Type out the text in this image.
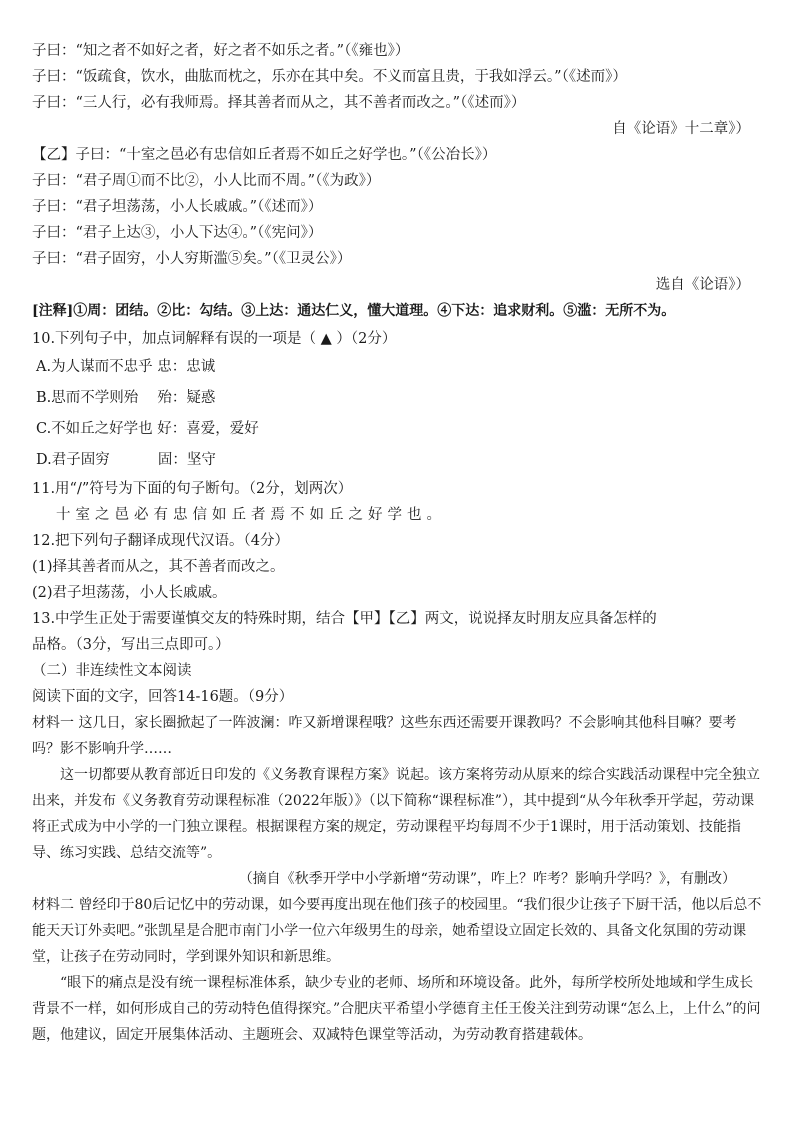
子曰：“知之者不如好之者，好之者不如乐之者。”（《雍也》）
子曰：“饭疏食，饮水，曲肱而枕之，乐亦在其中矣。不义而富且贵，于我如浮云。”（《述而》）
子曰：“三人行，必有我师焉。择其善者而从之，其不善者而改之。”（《述而》）
自《论语》十二章》）
【乙】子曰：“十室之邑必有忠信如丘者焉不如丘之好学也。”（《公冶长》）
子曰：“君子周①而不比②，小人比而不周。”（《为政》）
子曰：“君子坦荡荡，小人长戚戚。”（《述而》）
子曰：“君子上达③，小人下达④。”（《宪问》）
子曰：“君子固穷，小人穷斯滥⑤矣。”（《卫灵公》）
选自《论语》）
[注释]①周：团结。②比：勾结。③上达：通达仁义，懂大道理。④下达：追求财利。⑤滥：无所不为。
10.下列句子中，加点词解释有误的一项是（ ▲ ）（2分）
A.为人谋而不忠乎 忠：忠诚
B.思而不学则殆　 殆：疑惑
C.不如丘之好学也 好：喜爱，爱好
D.君子固穷　　　 固：坚守
11.用“/”符号为下面的句子断句。（2分，划两次）
十室之邑必有忠信如丘者焉不如丘之好学也。
12.把下列句子翻译成现代汉语。（4分）
(1)择其善者而从之，其不善者而改之。
(2)君子坦荡荡，小人长戚戚。
13.中学生正处于需要谨慎交友的特殊时期，结合【甲】【乙】两文，说说择友时朋友应具备怎样的
品格。（3分，写出三点即可。）
（二）非连续性文本阅读
阅读下面的文字，回答14-16题。（9分）

材料一 这几日，家长圈掀起了一阵波澜：咋又新增课程哦？这些东西还需要开课教吗？不会影响其他科目嘛？要考吗？影不影响升学……

这一切都要从教育部近日印发的《义务教育课程方案》说起。该方案将劳动从原来的综合实践活动课程中完全独立出来，并发布《义务教育劳动课程标准（2022年版）》（以下简称“课程标准”），其中提到“从今年秋季开学起，劳动课将正式成为中小学的一门独立课程。根据课程方案的规定，劳动课程平均每周不少于1课时，用于活动策划、技能指导、练习实践、总结交流等”。

（摘自《秋季开学中小学新增“劳动课”，咋上？咋考？影响升学吗？》，有删改）

材料二 曾经印于80后记忆中的劳动课，如今要再度出现在他们孩子的校园里。“我们很少让孩子下厨干活，他以后总不能天天订外卖吧。”张凯星是合肥市南门小学一位六年级男生的母亲，她希望设立固定长效的、具备文化氛围的劳动课堂，让孩子在劳动同时，学到课外知识和新思维。

“眼下的痛点是没有统一课程标准体系，缺少专业的老师、场所和环境设备。此外，每所学校所处地域和学生成长背景不一样，如何形成自己的劳动特色值得探究。”合肥庆平希望小学德育主任王俊关注到劳动课“怎么上，上什么”的问题，他建议，固定开展集体活动、主题班会、双减特色课堂等活动，为劳动教育搭建载体。
